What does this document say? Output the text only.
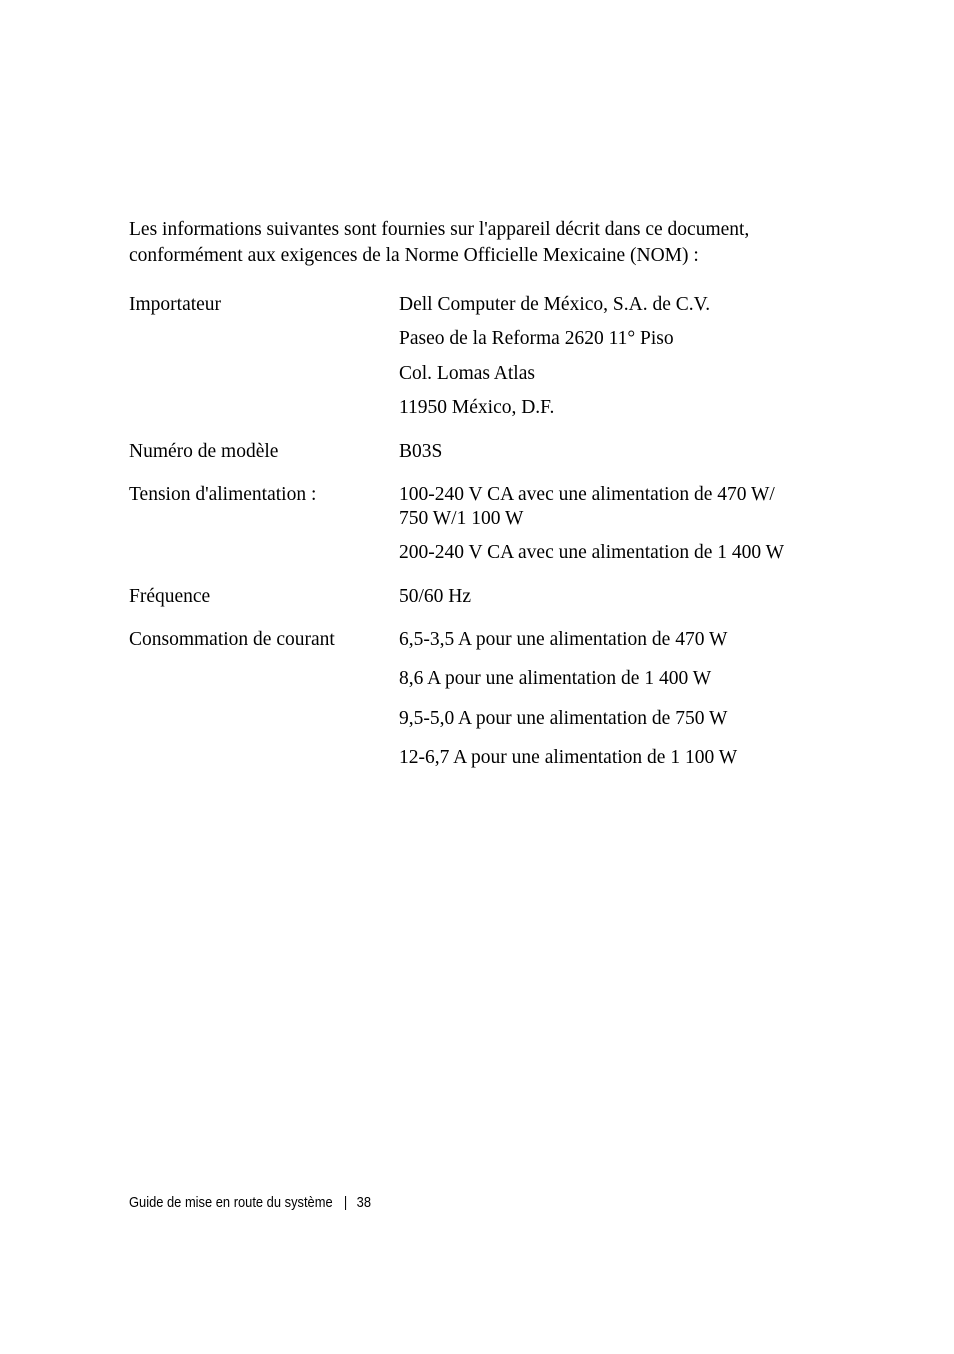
Les informations suivantes sont fournies sur l'appareil décrit dans ce document,
conformément aux exigences de la Norme Officielle Mexicaine (NOM) :

Importateur	Dell Computer de México, S.A. de C.V.
Paseo de la Reforma 2620 11° Piso
Col. Lomas Atlas
11950 México, D.F.
Numéro de modèle	B03S
Tension d'alimentation :	100-240 V CA avec une alimentation de 470 W/
750 W/1 100 W
200-240 V CA avec une alimentation de 1 400 W
Fréquence	50/60 Hz
Consommation de courant	6,5-3,5 A pour une alimentation de 470 W
8,6 A pour une alimentation de 1 400 W
9,5-5,0 A pour une alimentation de 750 W
12-6,7 A pour une alimentation de 1 100 W
Guide de mise en route du système | 38
